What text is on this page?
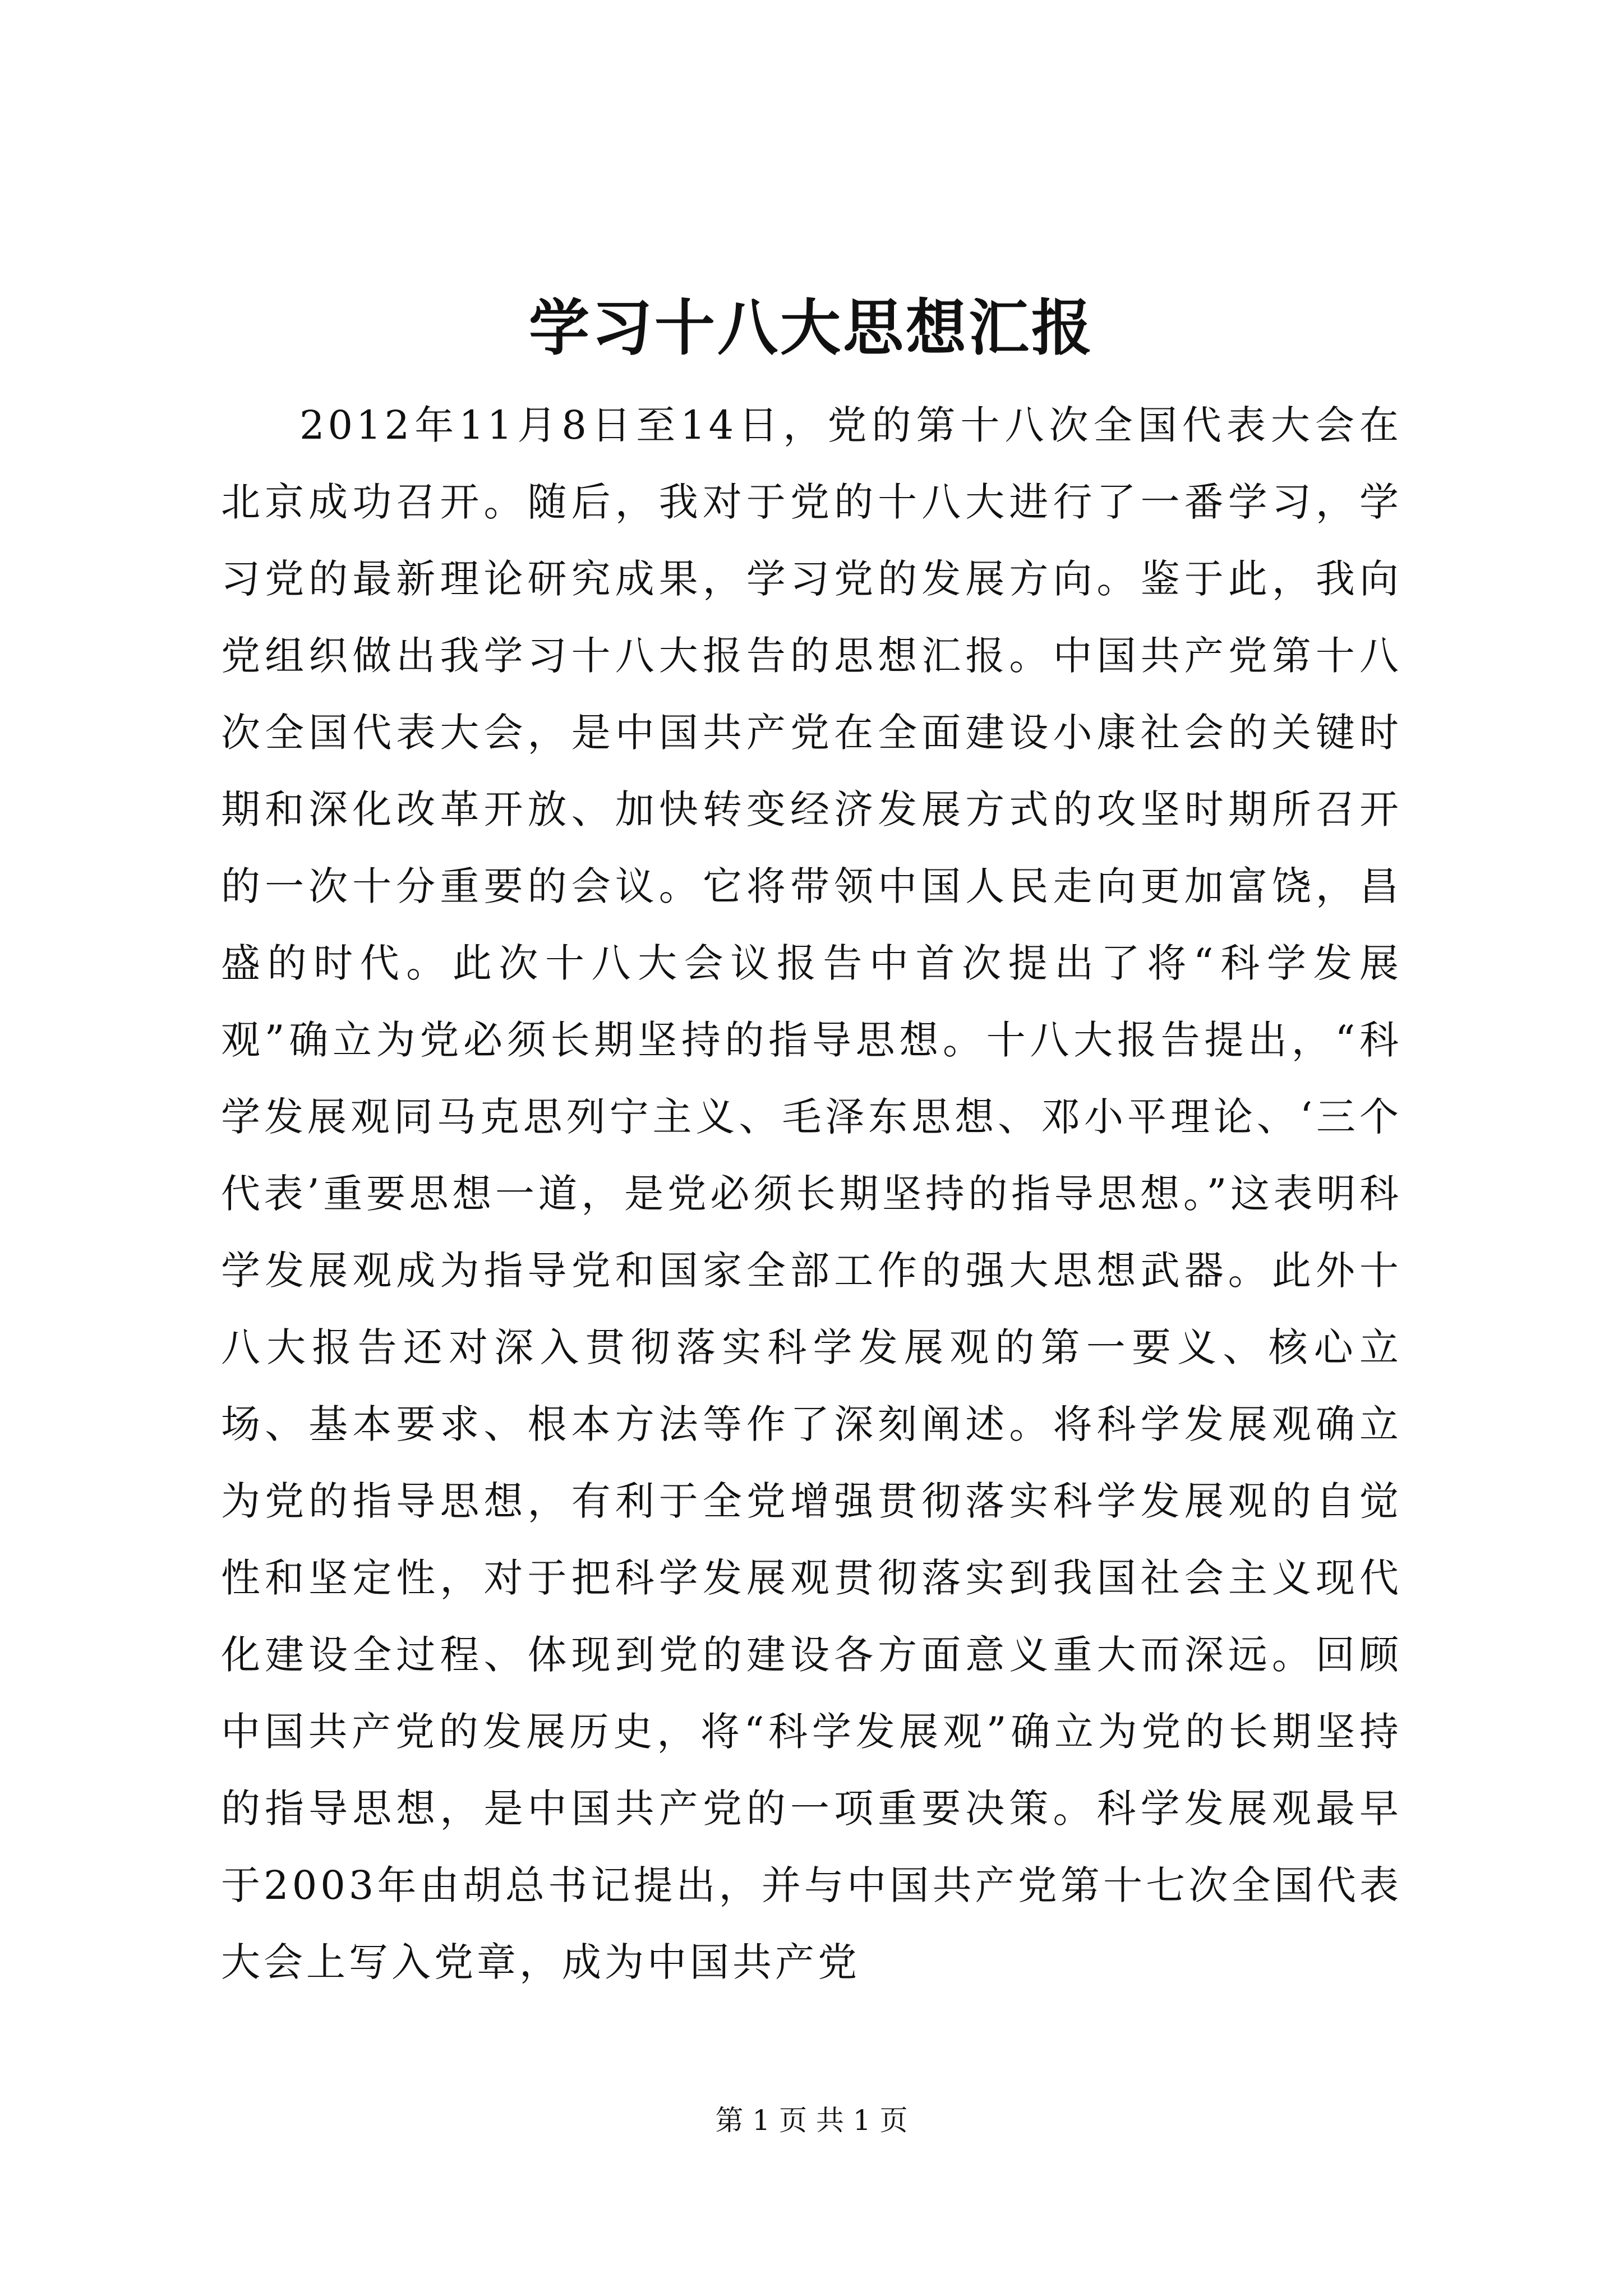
学习十八大思想汇报

2012年11月8日至14日，党的第十八次全国代表大会在北京成功召开。随后，我对于党的十八大进行了一番学习，学习党的最新理论研究成果，学习党的发展方向。鉴于此，我向党组织做出我学习十八大报告的思想汇报。中国共产党第十八次全国代表大会，是中国共产党在全面建设小康社会的关键时期和深化改革开放、加快转变经济发展方式的攻坚时期所召开的一次十分重要的会议。它将带领中国人民走向更加富饶，昌盛的时代。此次十八大会议报告中首次提出了将“科学发展观”确立为党必须长期坚持的指导思想。十八大报告提出，“科学发展观同马克思列宁主义、毛泽东思想、邓小平理论、‘三个代表’重要思想一道，是党必须长期坚持的指导思想。”这表明科学发展观成为指导党和国家全部工作的强大思想武器。此外十八大报告还对深入贯彻落实科学发展观的第一要义、核心立场、基本要求、根本方法等作了深刻阐述。将科学发展观确立为党的指导思想，有利于全党增强贯彻落实科学发展观的自觉性和坚定性，对于把科学发展观贯彻落实到我国社会主义现代化建设全过程、体现到党的建设各方面意义重大而深远。回顾中国共产党的发展历史，将“科学发展观”确立为党的长期坚持的指导思想，是中国共产党的一项重要决策。科学发展观最早于2003年由胡总书记提出，并与中国共产党第十七次全国代表大会上写入党章，成为中国共产党

第 1 页 共 1 页
